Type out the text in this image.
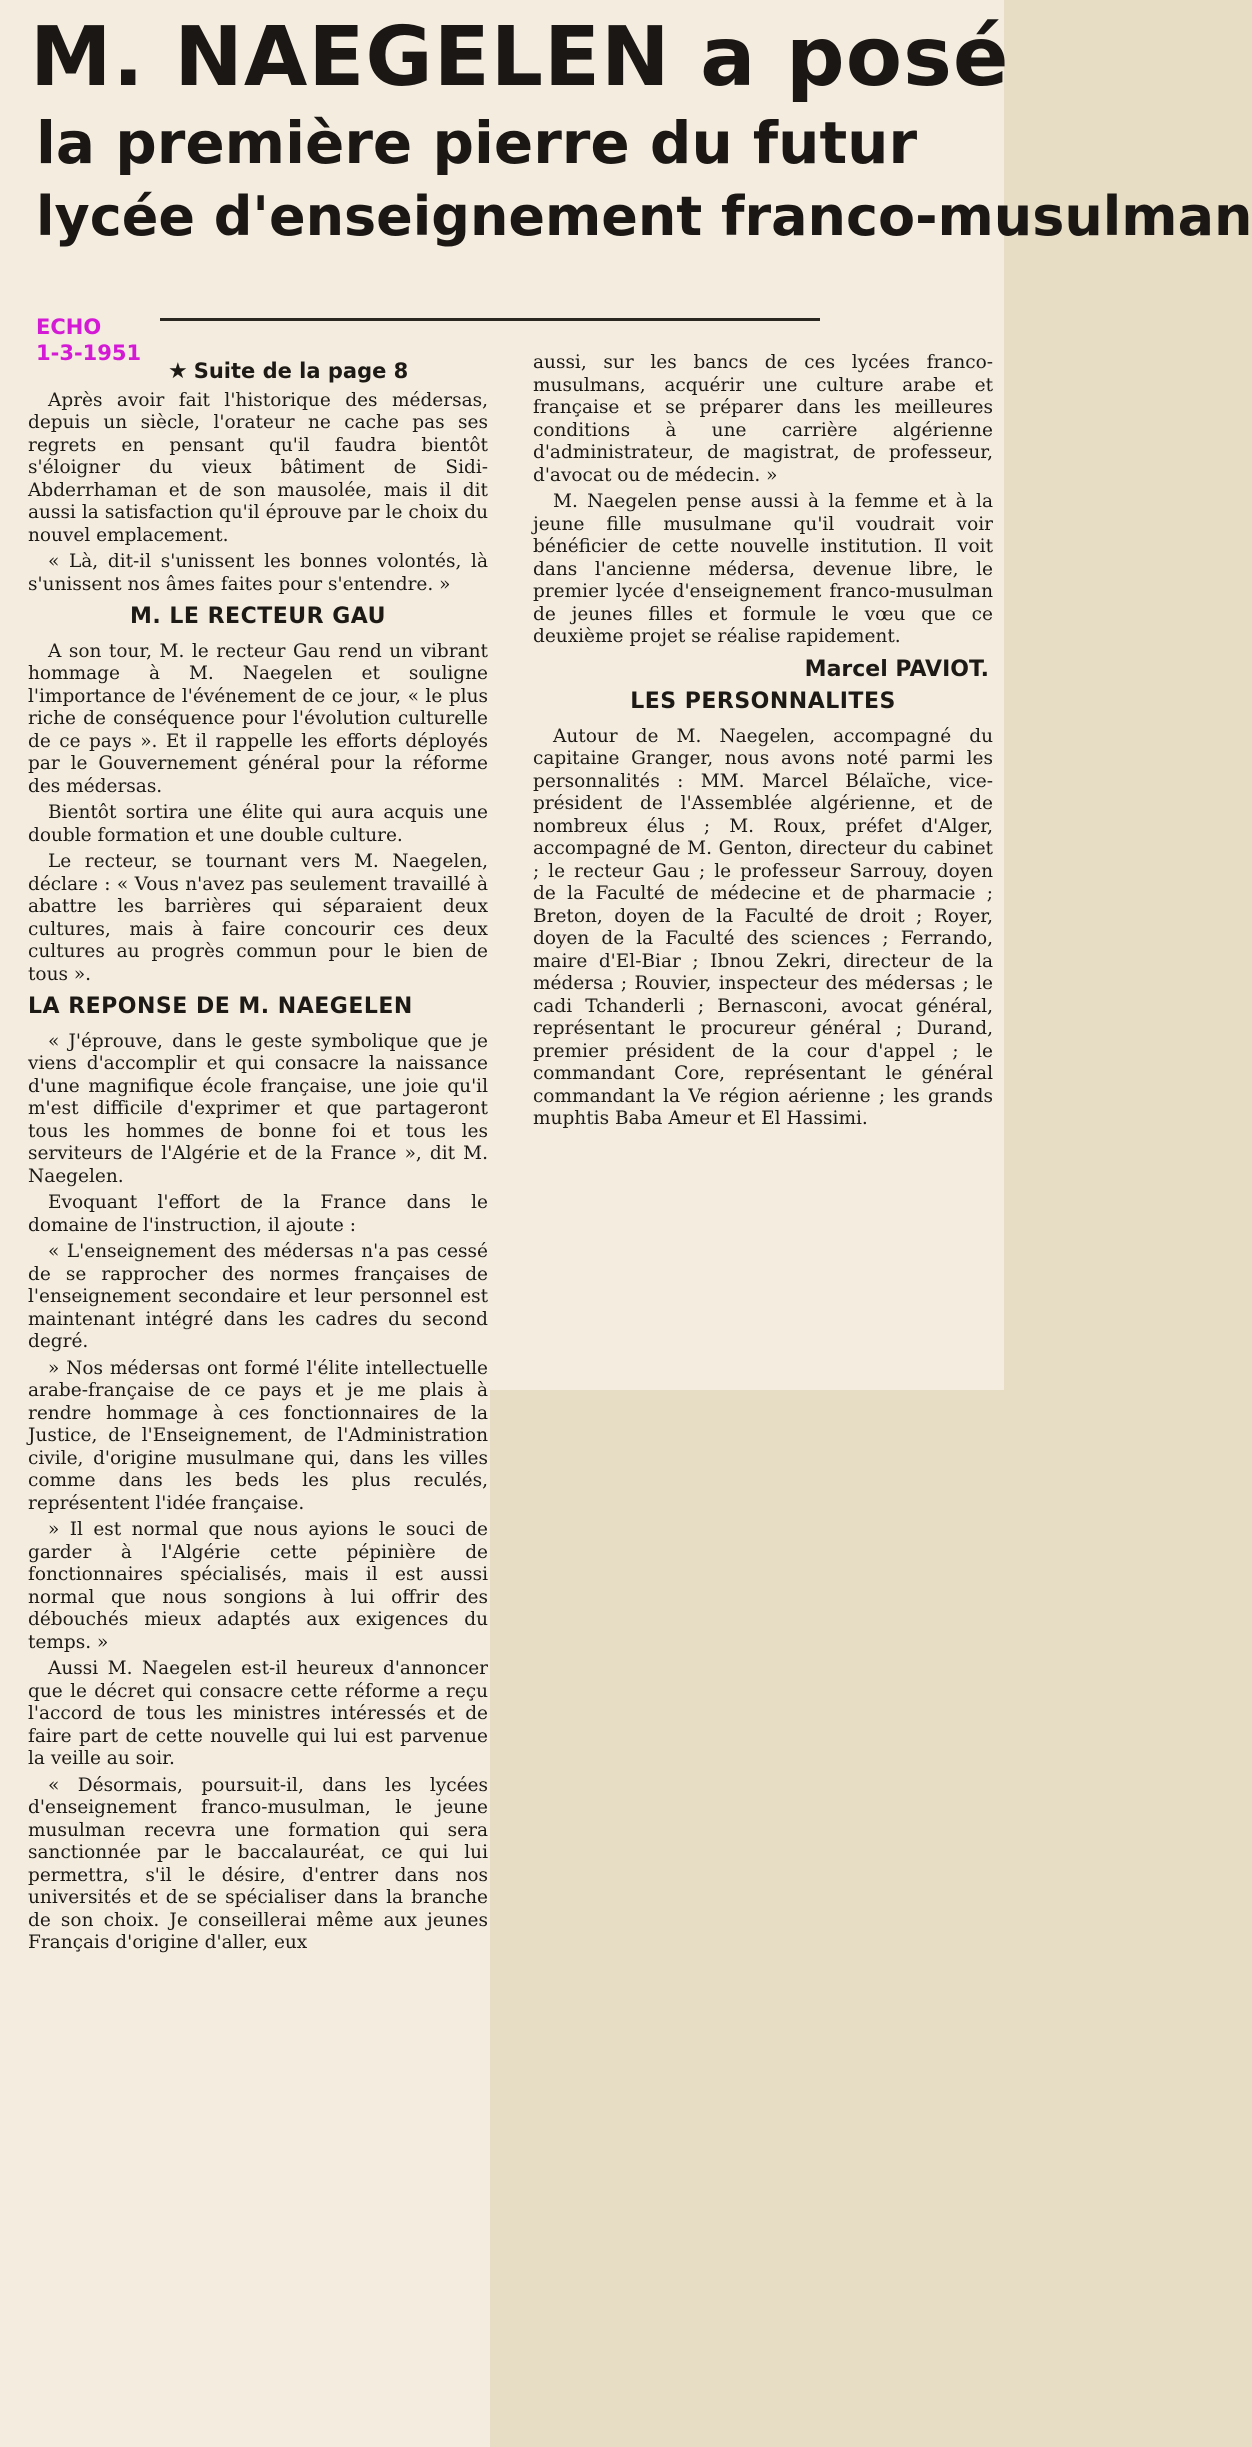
M. NAEGELEN a posé
la première pierre du futur
lycée d'enseignement franco-musulman
ECHO
1-3-1951
★ Suite de la page 8

Après avoir fait l'historique des médersas, depuis un siècle, l'orateur ne cache pas ses regrets en pensant qu'il faudra bientôt s'éloigner du vieux bâtiment de Sidi-Abderrhaman et de son mausolée, mais il dit aussi la satisfaction qu'il éprouve par le choix du nouvel emplacement.

« Là, dit-il s'unissent les bonnes volontés, là s'unissent nos âmes faites pour s'entendre. »

M. LE RECTEUR GAU

A son tour, M. le recteur Gau rend un vibrant hommage à M. Naegelen et souligne l'importance de l'événement de ce jour, « le plus riche de conséquence pour l'évolution culturelle de ce pays ». Et il rappelle les efforts déployés par le Gouvernement général pour la réforme des médersas.

Bientôt sortira une élite qui aura acquis une double formation et une double culture.

Le recteur, se tournant vers M. Naegelen, déclare : « Vous n'avez pas seulement travaillé à abattre les barrières qui séparaient deux cultures, mais à faire concourir ces deux cultures au progrès commun pour le bien de tous ».

LA REPONSE DE M. NAEGELEN

« J'éprouve, dans le geste symbolique que je viens d'accomplir et qui consacre la naissance d'une magnifique école française, une joie qu'il m'est difficile d'exprimer et que partageront tous les hommes de bonne foi et tous les serviteurs de l'Algérie et de la France », dit M. Naegelen.

Evoquant l'effort de la France dans le domaine de l'instruction, il ajoute :

« L'enseignement des médersas n'a pas cessé de se rapprocher des normes françaises de l'enseignement secondaire et leur personnel est maintenant intégré dans les cadres du second degré.

» Nos médersas ont formé l'élite intellectuelle arabe-française de ce pays et je me plais à rendre hommage à ces fonctionnaires de la Justice, de l'Enseignement, de l'Administration civile, d'origine musulmane qui, dans les villes comme dans les beds les plus reculés, représentent l'idée française.

» Il est normal que nous ayions le souci de garder à l'Algérie cette pépinière de fonctionnaires spécialisés, mais il est aussi normal que nous songions à lui offrir des débouchés mieux adaptés aux exigences du temps. »

Aussi M. Naegelen est-il heureux d'annoncer que le décret qui consacre cette réforme a reçu l'accord de tous les ministres intéressés et de faire part de cette nouvelle qui lui est parvenue la veille au soir.

« Désormais, poursuit-il, dans les lycées d'enseignement franco-musulman, le jeune musulman recevra une formation qui sera sanctionnée par le baccalauréat, ce qui lui permettra, s'il le désire, d'entrer dans nos universités et de se spécialiser dans la branche de son choix. Je conseillerai même aux jeunes Français d'origine d'aller, eux

aussi, sur les bancs de ces lycées franco-musulmans, acquérir une culture arabe et française et se préparer dans les meilleures conditions à une carrière algérienne d'administrateur, de magistrat, de professeur, d'avocat ou de médecin. »

M. Naegelen pense aussi à la femme et à la jeune fille musulmane qu'il voudrait voir bénéficier de cette nouvelle institution. Il voit dans l'ancienne médersa, devenue libre, le premier lycée d'enseignement franco-musulman de jeunes filles et formule le vœu que ce deuxième projet se réalise rapidement.

Marcel PAVIOT.
LES PERSONNALITES

Autour de M. Naegelen, accompagné du capitaine Granger, nous avons noté parmi les personnalités : MM. Marcel Bélaïche, vice-président de l'Assemblée algérienne, et de nombreux élus ; M. Roux, préfet d'Alger, accompagné de M. Genton, directeur du cabinet ; le recteur Gau ; le professeur Sarrouy, doyen de la Faculté de médecine et de pharmacie ; Breton, doyen de la Faculté de droit ; Royer, doyen de la Faculté des sciences ; Ferrando, maire d'El-Biar ; Ibnou Zekri, directeur de la médersa ; Rouvier, inspecteur des médersas ; le cadi Tchanderli ; Bernasconi, avocat général, représentant le procureur général ; Durand, premier président de la cour d'appel ; le commandant Core, représentant le général commandant la Ve région aérienne ; les grands muphtis Baba Ameur et El Hassimi.
